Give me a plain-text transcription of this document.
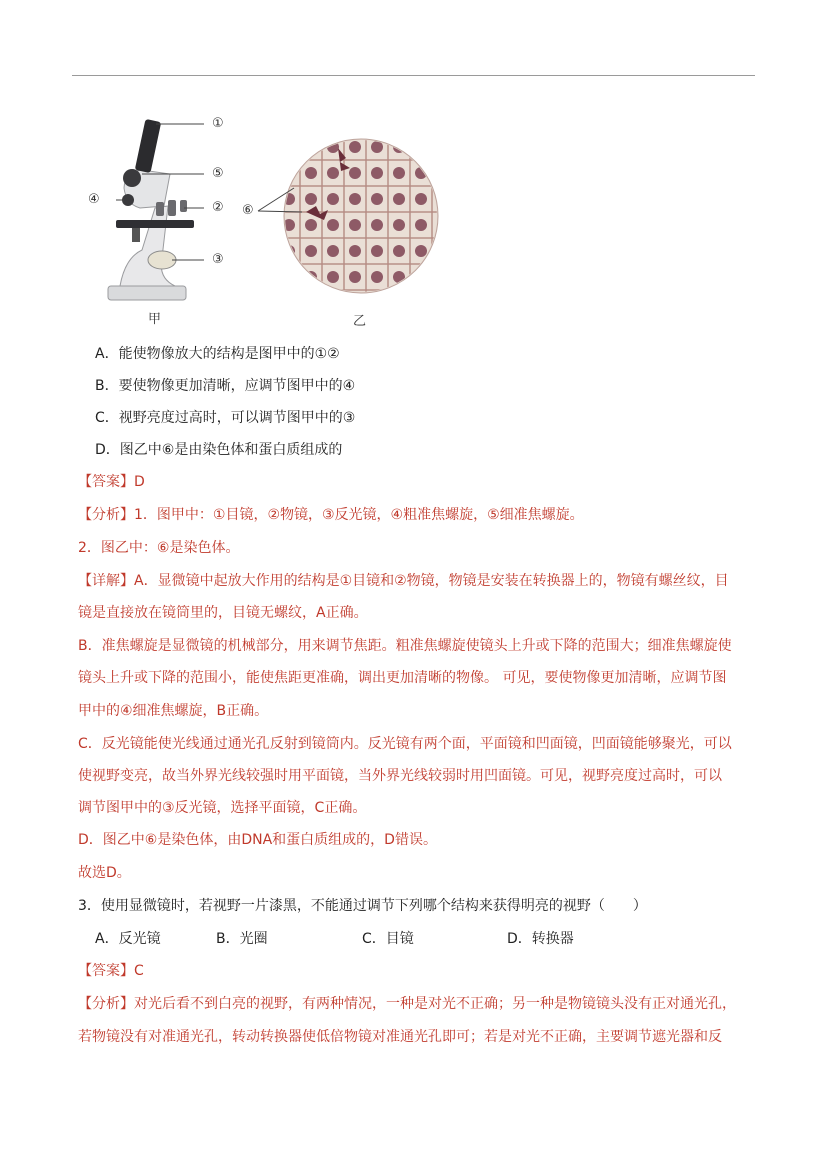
①
⑤
④
②
③
⑥
甲	乙
A．能使物像放大的结构是图甲中的①②
B．要使物像更加清晰，应调节图甲中的④
C．视野亮度过高时，可以调节图甲中的③
D．图乙中⑥是由染色体和蛋白质组成的
【答案】D
【分析】1．图甲中：①目镜，②物镜，③反光镜，④粗准焦螺旋，⑤细准焦螺旋。
2．图乙中：⑥是染色体。
【详解】A．显微镜中起放大作用的结构是①目镜和②物镜，物镜是安装在转换器上的，物镜有螺丝纹，目
镜是直接放在镜筒里的，目镜无螺纹，A正确。
B．准焦螺旋是显微镜的机械部分，用来调节焦距。粗准焦螺旋使镜头上升或下降的范围大；细准焦螺旋使
镜头上升或下降的范围小，能使焦距更准确，调出更加清晰的物像。 可见，要使物像更加清晰，应调节图
甲中的④细准焦螺旋，B正确。
C．反光镜能使光线通过通光孔反射到镜筒内。反光镜有两个面，平面镜和凹面镜，凹面镜能够聚光，可以
使视野变亮，故当外界光线较强时用平面镜，当外界光线较弱时用凹面镜。可见，视野亮度过高时，可以
调节图甲中的③反光镜，选择平面镜，C正确。
D．图乙中⑥是染色体，由DNA和蛋白质组成的，D错误。
故选D。
3．使用显微镜时，若视野一片漆黑，不能通过调节下列哪个结构来获得明亮的视野（　　）
A．反光镜	B．光圈	C．目镜	D．转换器
【答案】C
【分析】对光后看不到白亮的视野，有两种情况，一种是对光不正确；另一种是物镜镜头没有正对通光孔，
若物镜没有对准通光孔，转动转换器使低倍物镜对准通光孔即可；若是对光不正确，主要调节遮光器和反
